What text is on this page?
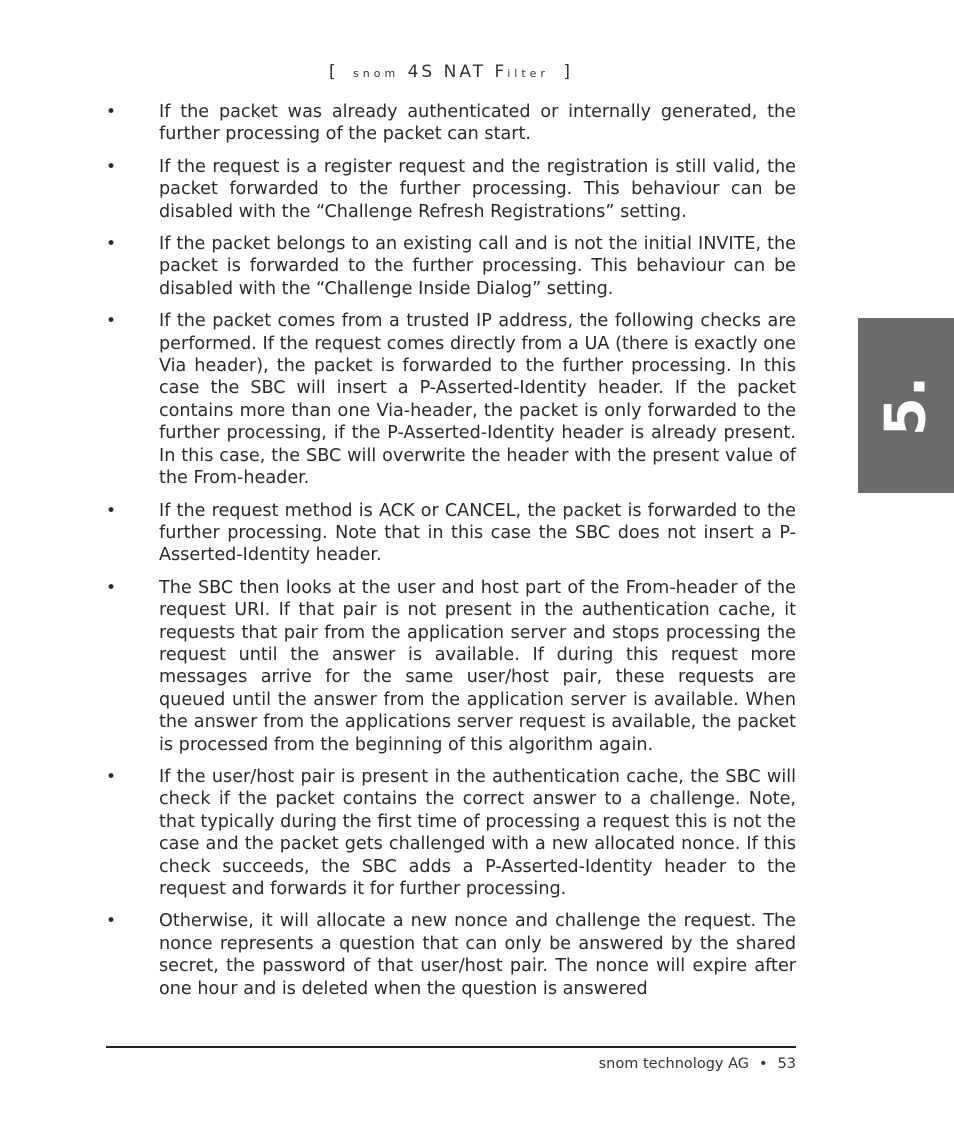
[ snom 4S NAT Filter ]
5.
• If the packet was already authenticated or internally generated, the further processing of the packet can start.
• If the request is a register request and the registration is still valid, the packet forwarded to the further processing. This behaviour can be disabled with the “Challenge Refresh Registrations” setting.
• If the packet belongs to an existing call and is not the initial INVITE, the packet is forwarded to the further processing. This behaviour can be disabled with the “Challenge Inside Dialog” setting.
• If the packet comes from a trusted IP address, the following checks are performed. If the request comes directly from a UA (there is exactly one Via header), the packet is forwarded to the further processing. In this case the SBC will insert a P-Asserted-Identity header. If the packet contains more than one Via-header, the packet is only forwarded to the further processing, if the P-Asserted-Identity header is already present. In this case, the SBC will overwrite the header with the present value of the From-header.
• If the request method is ACK or CANCEL, the packet is forwarded to the further processing. Note that in this case the SBC does not insert a P-Asserted-Identity header.
• The SBC then looks at the user and host part of the From-header of the request URI. If that pair is not present in the authentication cache, it requests that pair from the application server and stops processing the request until the answer is available. If during this request more messages arrive for the same user/host pair, these requests are queued until the answer from the application server is available. When the answer from the applications server request is available, the packet is processed from the beginning of this algorithm again.
• If the user/host pair is present in the authentication cache, the SBC will check if the packet contains the correct answer to a challenge. Note, that typically during the first time of processing a request this is not the case and the packet gets challenged with a new allocated nonce. If this check succeeds, the SBC adds a P-Asserted-Identity header to the request and forwards it for further processing.
• Otherwise, it will allocate a new nonce and challenge the request. The nonce represents a question that can only be answered by the shared secret, the password of that user/host pair. The nonce will expire after one hour and is deleted when the question is answered
snom technology AG • 53
